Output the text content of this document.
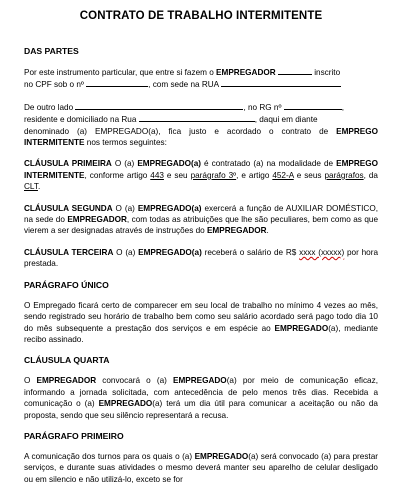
CONTRATO DE TRABALHO INTERMITENTE
DAS PARTES
Por este instrumento particular, que entre si fazem o EMPREGADOR	inscrito
no CPF sob o nº	, com sede na RUA
De outro lado	, no RG nº	,
residente e domiciliado na Rua	, daqui em diante
denominado (a) EMPREGADO(a), fica justo e acordado o contrato de EMPREGO INTERMITENTE nos termos seguintes:
CLÁUSULA PRIMEIRA O (a) EMPREGADO(a) é contratado (a) na modalidade de EMPREGO INTERMITENTE, conforme artigo 443 e seu parágrafo 3º, e artigo 452-A e seus parágrafos, da CLT.
CLÁUSULA SEGUNDA O (a) EMPREGADO(a) exercerá a função de AUXILIAR DOMÉSTICO, na sede do EMPREGADOR, com todas as atribuições que lhe são peculiares, bem como as que vierem a ser designadas através de instruções do EMPREGADOR.
CLÁUSULA TERCEIRA O (a) EMPREGADO(a) receberá o salário de R$ xxxx (xxxxx) por hora prestada.
PARÁGRAFO ÚNICO
O Empregado ficará certo de comparecer em seu local de trabalho no mínimo 4 vezes ao mês, sendo registrado seu horário de trabalho bem como seu salário acordado será pago todo dia 10 do mês subsequente a prestação dos serviços e em espécie ao EMPREGADO(a), mediante recibo assinado.
CLÁUSULA QUARTA
O EMPREGADOR convocará o (a) EMPREGADO(a) por meio de comunicação eficaz, informando a jornada solicitada, com antecedência de pelo menos três dias. Recebida a comunicação o (a) EMPREGADO(a) terá um dia útil para comunicar a aceitação ou não da proposta, sendo que seu silêncio representará a recusa.
PARÁGRAFO PRIMEIRO
A comunicação dos turnos para os quais o (a) EMPREGADO(a) será convocado (a) para prestar serviços, e durante suas atividades o mesmo deverá manter seu aparelho de celular desligado ou em silencio e não utilizá-lo, exceto se for
